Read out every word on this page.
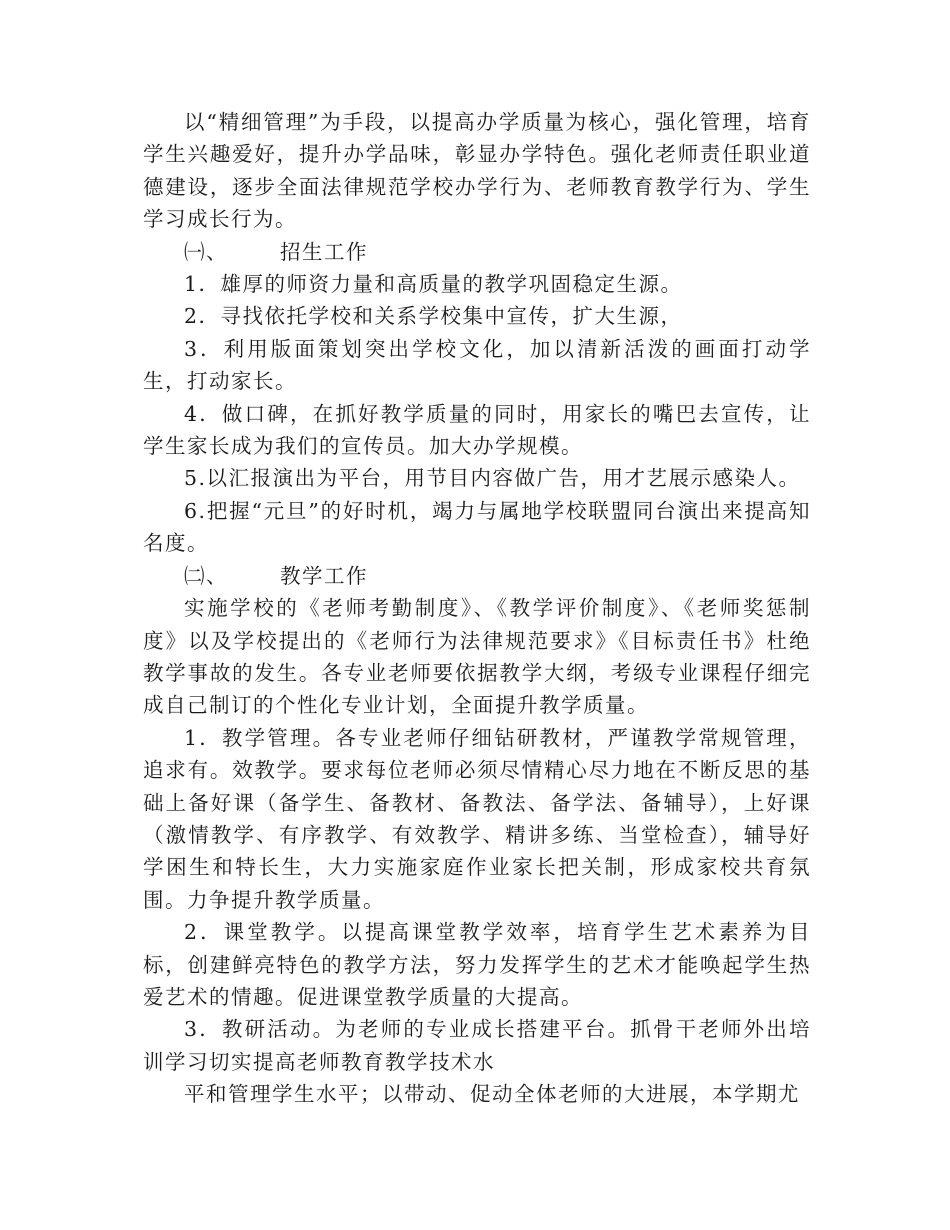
以“精细管理”为手段，以提高办学质量为核心，强化管理，培育学生兴趣爱好，提升办学品味，彰显办学特色。强化老师责任职业道德建设，逐步全面法律规范学校办学行为、老师教育教学行为、学生学习成长行为。

㈠、	招生工作

1．雄厚的师资力量和高质量的教学巩固稳定生源。

2．寻找依托学校和关系学校集中宣传，扩大生源，

3．利用版面策划突出学校文化，加以清新活泼的画面打动学生，打动家长。

4．做口碑，在抓好教学质量的同时，用家长的嘴巴去宣传，让学生家长成为我们的宣传员。加大办学规模。

5.以汇报演出为平台，用节目内容做广告，用才艺展示感染人。

6.把握“元旦”的好时机，竭力与属地学校联盟同台演出来提高知名度。

㈡、	教学工作

实施学校的《老师考勤制度》、《教学评价制度》、《老师奖惩制度》以及学校提出的《老师行为法律规范要求》《目标责任书》杜绝教学事故的发生。各专业老师要依据教学大纲，考级专业课程仔细完成自己制订的个性化专业计划，全面提升教学质量。

1．教学管理。各专业老师仔细钻研教材，严谨教学常规管理，追求有。效教学。要求每位老师必须尽情精心尽力地在不断反思的基础上备好课（备学生、备教材、备教法、备学法、备辅导），上好课（激情教学、有序教学、有效教学、精讲多练、当堂检查），辅导好学困生和特长生，大力实施家庭作业家长把关制，形成家校共育氛围。力争提升教学质量。

2．课堂教学。以提高课堂教学效率，培育学生艺术素养为目标，创建鲜亮特色的教学方法，努力发挥学生的艺术才能唤起学生热爱艺术的情趣。促进课堂教学质量的大提高。

3．教研活动。为老师的专业成长搭建平台。抓骨干老师外出培训学习切实提高老师教育教学技术水

平和管理学生水平；以带动、促动全体老师的大进展，本学期尤
